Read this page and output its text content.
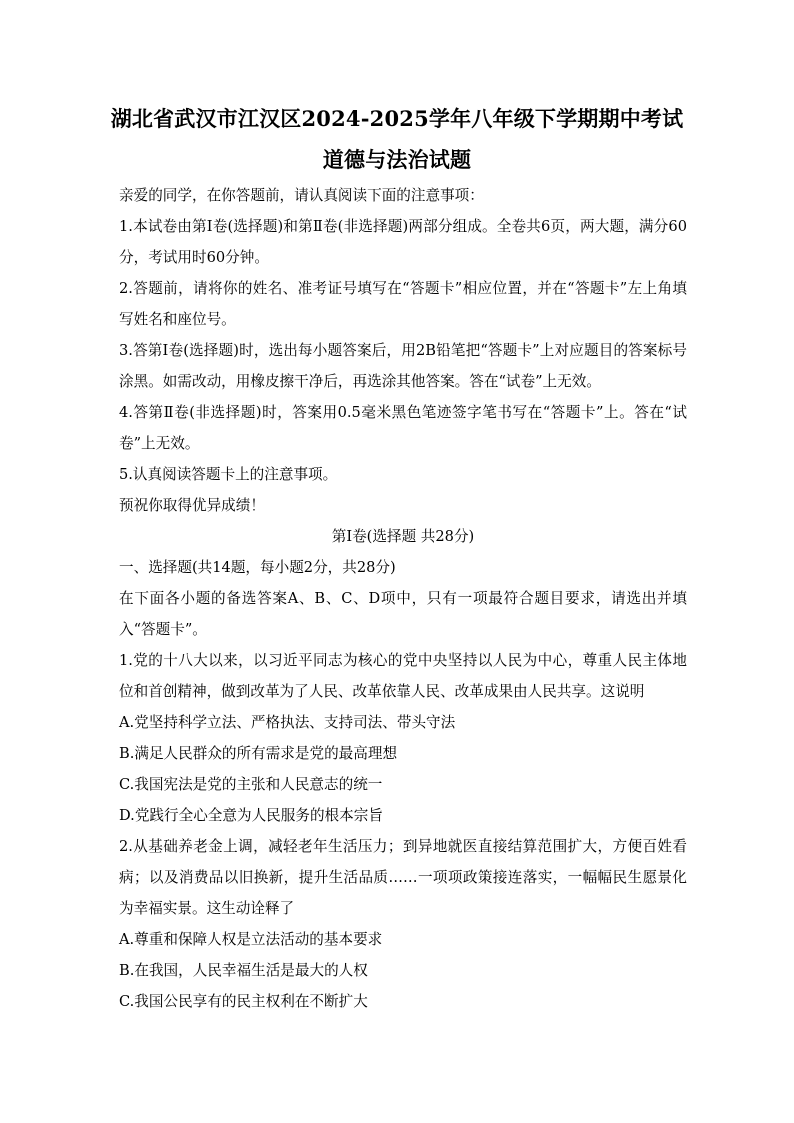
湖北省武汉市江汉区2024-2025学年八年级下学期期中考试
道德与法治试题

亲爱的同学，在你答题前，请认真阅读下面的注意事项：

1.本试卷由第Ⅰ卷(选择题)和第Ⅱ卷(非选择题)两部分组成。全卷共6页，两大题，满分60分，考试用时60分钟。

2.答题前，请将你的姓名、准考证号填写在“答题卡”相应位置，并在“答题卡”左上角填写姓名和座位号。

3.答第Ⅰ卷(选择题)时，选出每小题答案后，用2B铅笔把“答题卡”上对应题目的答案标号涂黑。如需改动，用橡皮擦干净后，再选涂其他答案。答在“试卷”上无效。

4.答第Ⅱ卷(非选择题)时，答案用0.5毫米黑色笔迹签字笔书写在“答题卡”上。答在“试卷”上无效。

5.认真阅读答题卡上的注意事项。

预祝你取得优异成绩！

第Ⅰ卷(选择题 共28分)

一、选择题(共14题，每小题2分，共28分)

在下面各小题的备选答案A、B、C、D项中，只有一项最符合题目要求，请选出并填入“答题卡”。

1.党的十八大以来，以习近平同志为核心的党中央坚持以人民为中心，尊重人民主体地位和首创精神，做到改革为了人民、改革依靠人民、改革成果由人民共享。这说明

A.党坚持科学立法、严格执法、支持司法、带头守法

B.满足人民群众的所有需求是党的最高理想

C.我国宪法是党的主张和人民意志的统一

D.党践行全心全意为人民服务的根本宗旨

2.从基础养老金上调，减轻老年生活压力；到异地就医直接结算范围扩大，方便百姓看病；以及消费品以旧换新，提升生活品质……一项项政策接连落实，一幅幅民生愿景化为幸福实景。这生动诠释了

A.尊重和保障人权是立法活动的基本要求

B.在我国，人民幸福生活是最大的人权

C.我国公民享有的民主权利在不断扩大
